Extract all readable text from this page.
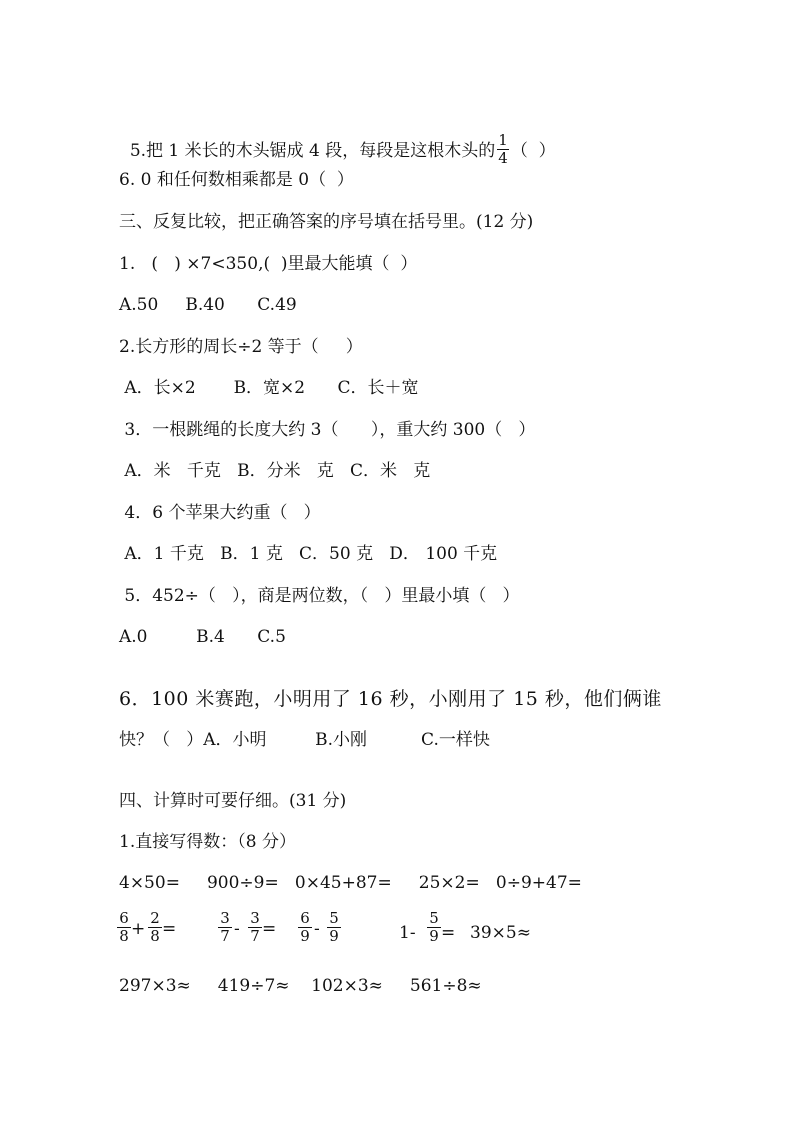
5.把 1 米长的木头锯成 4 段，每段是这根木头的 $\frac{1}{4}$ （  ）

6. 0 和任何数相乘都是 0（  ）
三、反复比较，把正确答案的序号填在括号里。(12 分)
1.   (   ) ×7<350,(  )里最大能填（  ）
A.50     B.40      C.49
2.长方形的周长÷2 等于（     ）
A．长×2       B．宽×2      C．长＋宽
3．一根跳绳的长度大约 3（      ），重大约 300（   ）
A．米   千克   B．分米   克   C．米   克
4．6 个苹果大约重（   ）
A．1 千克   B．1 克   C．50 克   D． 100 千克
5．452÷（   ），商是两位数，（   ）里最小填（   ）
A.0         B.4      C.5
6．100 米赛跑，小明用了 16 秒，小刚用了 15 秒，他们俩谁
快？（   ）A．小明         B.小刚          C.一样快
四、计算时可要仔细。(31 分)
1.直接写得数：（8 分）
4×50=     900÷9=   0×45+87=     25×2=   0÷9+47=
$\frac{6}{8} + \frac{2}{8}$ =	$\frac{3}{7} - \frac{3}{7} = \frac{6}{9} - \frac{5}{9}$	$1- \frac{5}{9} = 39\times 5\approx$
297×3≈     419÷7≈    102×3≈     561÷8≈
